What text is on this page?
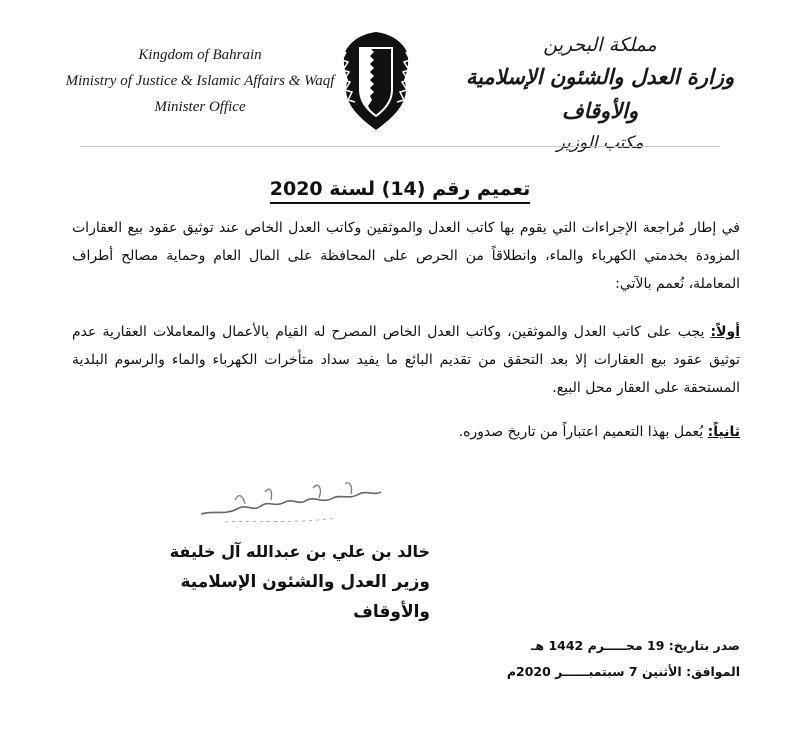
Kingdom of Bahrain
Ministry of Justice & Islamic Affairs & Waqf
Minister Office
مملكة البحرين
وزارة العدل والشئون الإسلامية والأوقاف
مكتب الوزير
تعميم رقم (14) لسنة 2020
في إطار مُراجعة الإجراءات التي يقوم بها كاتب العدل والموثقين وكاتب العدل الخاص عند توثيق عقود بيع العقارات المزودة بخدمتي الكهرباء والماء، وانطلاقاً من الحرص على المحافظة على المال العام وحماية مصالح أطراف المعاملة، نُعمم بالآتي:
أولاً: يجب على كاتب العدل والموثقين، وكاتب العدل الخاص المصرح له القيام بالأعمال والمعاملات العقارية عدم توثيق عقود بيع العقارات إلا بعد التحقق من تقديم البائع ما يفيد سداد متأخرات الكهرباء والماء والرسوم البلدية المستحقة على العقار محل البيع.
ثانياً: يُعمل بهذا التعميم اعتباراً من تاريخ صدوره.
خالد بن علي بن عبدالله آل خليفة
وزير العدل والشئون الإسلامية والأوقاف
صدر بتاريخ: 19 محـــــرم 1442 هـ
الموافق: الأثنين 7 سبتمبــــــر 2020م
